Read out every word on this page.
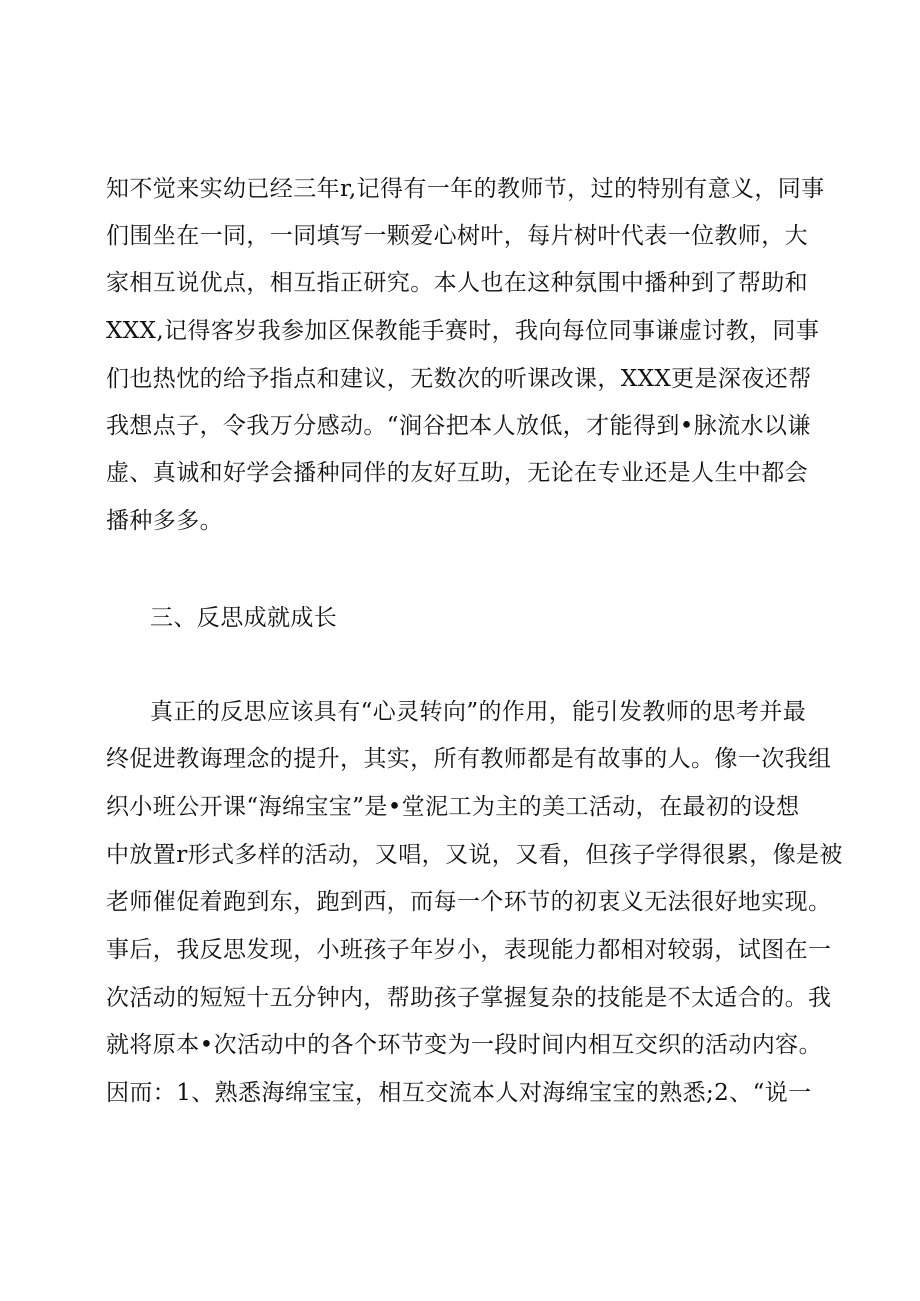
知不觉来实幼已经三年r,记得有一年的教师节，过的特别有意义，同事
们围坐在一同，一同填写一颗爱心树叶，每片树叶代表一位教师，大
家相互说优点，相互指正研究。本人也在这种氛围中播种到了帮助和
XXX,记得客岁我参加区保教能手赛时，我向每位同事谦虚讨教，同事
们也热忱的给予指点和建议，无数次的听课改课，XXX更是深夜还帮
我想点子，令我万分感动。“涧谷把本人放低，才能得到•脉流水以谦
虚、真诚和好学会播种同伴的友好互助，无论在专业还是人生中都会
播种多多。
三、反思成就成长
真正的反思应该具有“心灵转向”的作用，能引发教师的思考并最
终促进教诲理念的提升，其实，所有教师都是有故事的人。像一次我组
织小班公开课“海绵宝宝”是•堂泥工为主的美工活动，在最初的设想
中放置r形式多样的活动，又唱，又说，又看，但孩子学得很累，像是被
老师催促着跑到东，跑到西，而每一个环节的初衷义无法很好地实现。
事后，我反思发现，小班孩子年岁小，表现能力都相对较弱，试图在一
次活动的短短十五分钟内，帮助孩子掌握复杂的技能是不太适合的。我
就将原本•次活动中的各个环节变为一段时间内相互交织的活动内容。
因而：1、熟悉海绵宝宝，相互交流本人对海绵宝宝的熟悉;2、“说一
